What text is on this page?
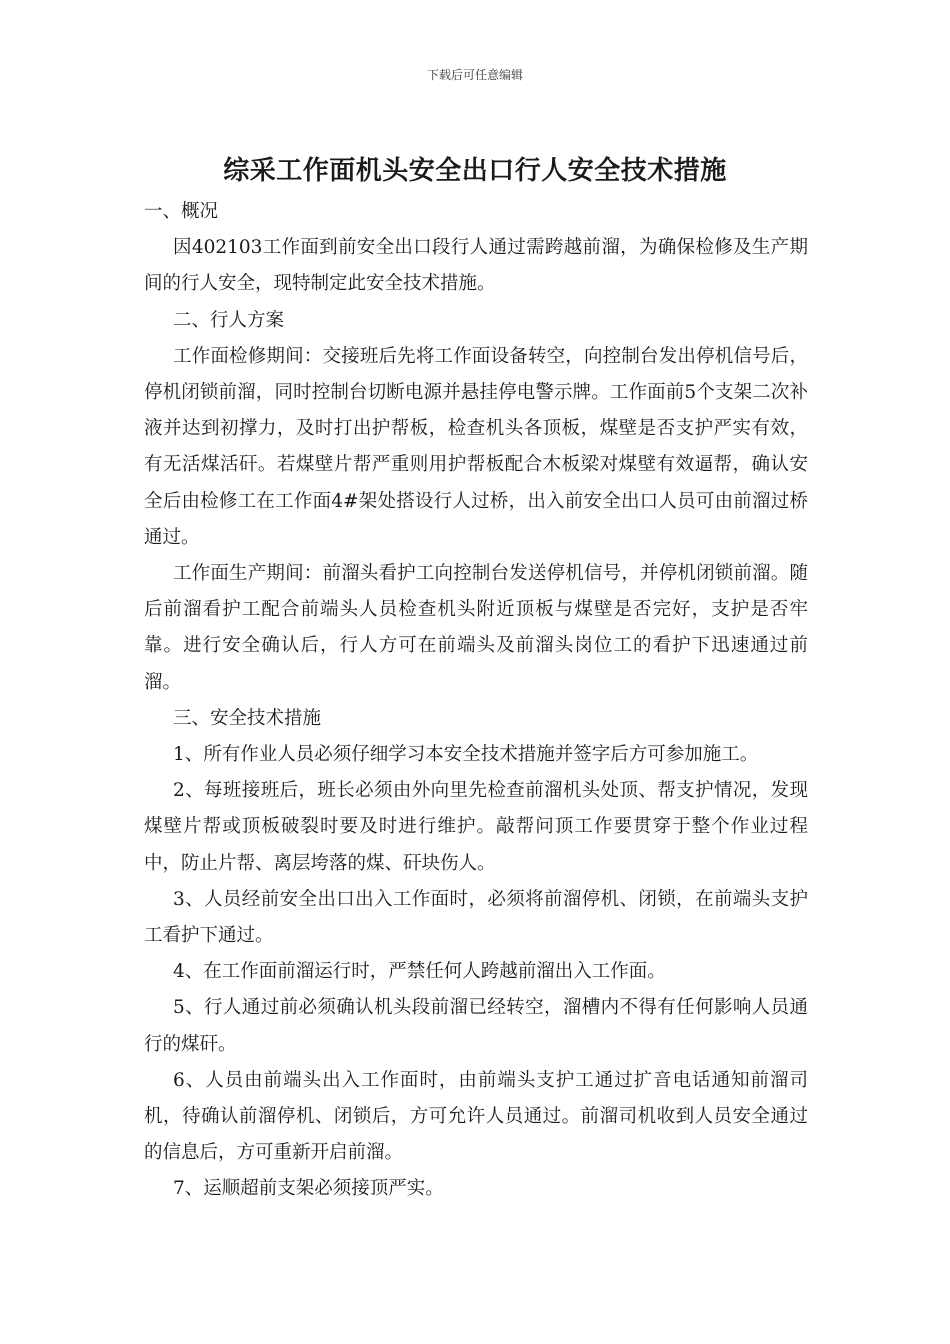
下载后可任意编辑
综采工作面机头安全出口行人安全技术措施

一、概况

因402103工作面到前安全出口段行人通过需跨越前溜，为确保检修及生产期间的行人安全，现特制定此安全技术措施。

二、行人方案

工作面检修期间：交接班后先将工作面设备转空，向控制台发出停机信号后，停机闭锁前溜，同时控制台切断电源并悬挂停电警示牌。工作面前5个支架二次补液并达到初撑力，及时打出护帮板，检查机头各顶板，煤壁是否支护严实有效，有无活煤活矸。若煤壁片帮严重则用护帮板配合木板梁对煤壁有效逼帮，确认安全后由检修工在工作面4#架处搭设行人过桥，出入前安全出口人员可由前溜过桥通过。

工作面生产期间：前溜头看护工向控制台发送停机信号，并停机闭锁前溜。随后前溜看护工配合前端头人员检查机头附近顶板与煤壁是否完好，支护是否牢靠。进行安全确认后，行人方可在前端头及前溜头岗位工的看护下迅速通过前溜。

三、安全技术措施

1、所有作业人员必须仔细学习本安全技术措施并签字后方可参加施工。

2、每班接班后，班长必须由外向里先检查前溜机头处顶、帮支护情况，发现煤壁片帮或顶板破裂时要及时进行维护。敲帮问顶工作要贯穿于整个作业过程中，防止片帮、离层垮落的煤、矸块伤人。

3、人员经前安全出口出入工作面时，必须将前溜停机、闭锁，在前端头支护工看护下通过。

4、在工作面前溜运行时，严禁任何人跨越前溜出入工作面。

5、行人通过前必须确认机头段前溜已经转空，溜槽内不得有任何影响人员通行的煤矸。

6、人员由前端头出入工作面时，由前端头支护工通过扩音电话通知前溜司机，待确认前溜停机、闭锁后，方可允许人员通过。前溜司机收到人员安全通过的信息后，方可重新开启前溜。

7、运顺超前支架必须接顶严实。
